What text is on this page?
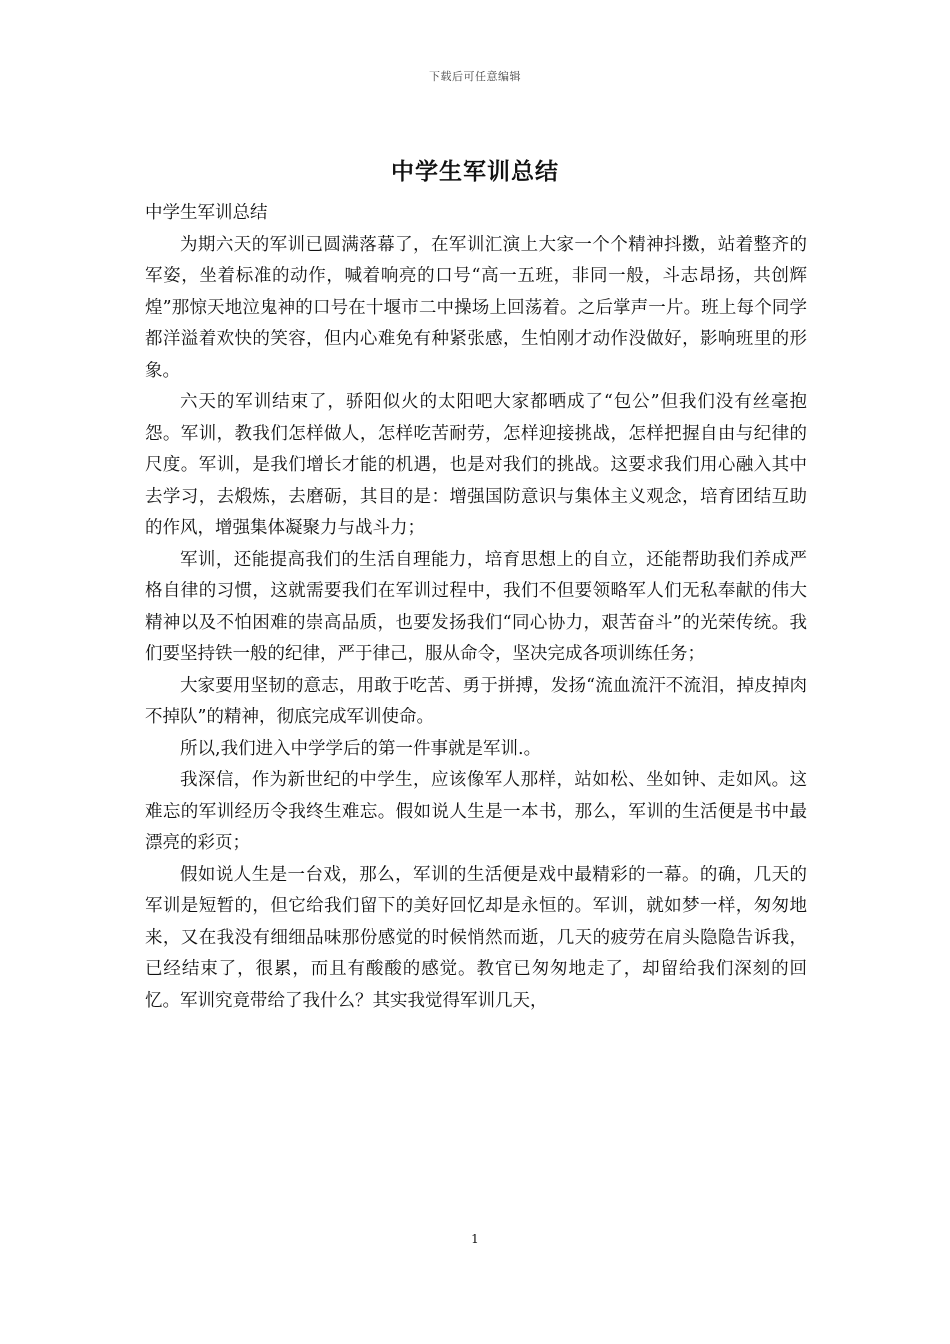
下载后可任意编辑
中学生军训总结

中学生军训总结

为期六天的军训已圆满落幕了，在军训汇演上大家一个个精神抖擞，站着整齐的军姿，坐着标准的动作，喊着响亮的口号“高一五班，非同一般，斗志昂扬，共创辉煌”那惊天地泣鬼神的口号在十堰市二中操场上回荡着。之后掌声一片。班上每个同学都洋溢着欢快的笑容，但内心难免有种紧张感，生怕刚才动作没做好，影响班里的形象。

六天的军训结束了，骄阳似火的太阳吧大家都晒成了“包公”但我们没有丝毫抱怨。军训，教我们怎样做人，怎样吃苦耐劳，怎样迎接挑战，怎样把握自由与纪律的尺度。军训，是我们增长才能的机遇，也是对我们的挑战。这要求我们用心融入其中去学习，去煅炼，去磨砺，其目的是：增强国防意识与集体主义观念，培育团结互助的作风，增强集体凝聚力与战斗力；

军训，还能提高我们的生活自理能力，培育思想上的自立，还能帮助我们养成严格自律的习惯，这就需要我们在军训过程中，我们不但要领略军人们无私奉献的伟大精神以及不怕困难的崇高品质，也要发扬我们“同心协力，艰苦奋斗”的光荣传统。我们要坚持铁一般的纪律，严于律己，服从命令，坚决完成各项训练任务；

大家要用坚韧的意志，用敢于吃苦、勇于拼搏，发扬“流血流汗不流泪，掉皮掉肉不掉队”的精神，彻底完成军训使命。

所以,我们进入中学学后的第一件事就是军训.。

我深信，作为新世纪的中学生，应该像军人那样，站如松、坐如钟、走如风。这难忘的军训经历令我终生难忘。假如说人生是一本书，那么，军训的生活便是书中最漂亮的彩页；

假如说人生是一台戏，那么，军训的生活便是戏中最精彩的一幕。的确，几天的军训是短暂的，但它给我们留下的美好回忆却是永恒的。军训，就如梦一样，匆匆地来，又在我没有细细品味那份感觉的时候悄然而逝，几天的疲劳在肩头隐隐告诉我，已经结束了，很累，而且有酸酸的感觉。教官已匆匆地走了，却留给我们深刻的回忆。军训究竟带给了我什么？其实我觉得军训几天，

1
